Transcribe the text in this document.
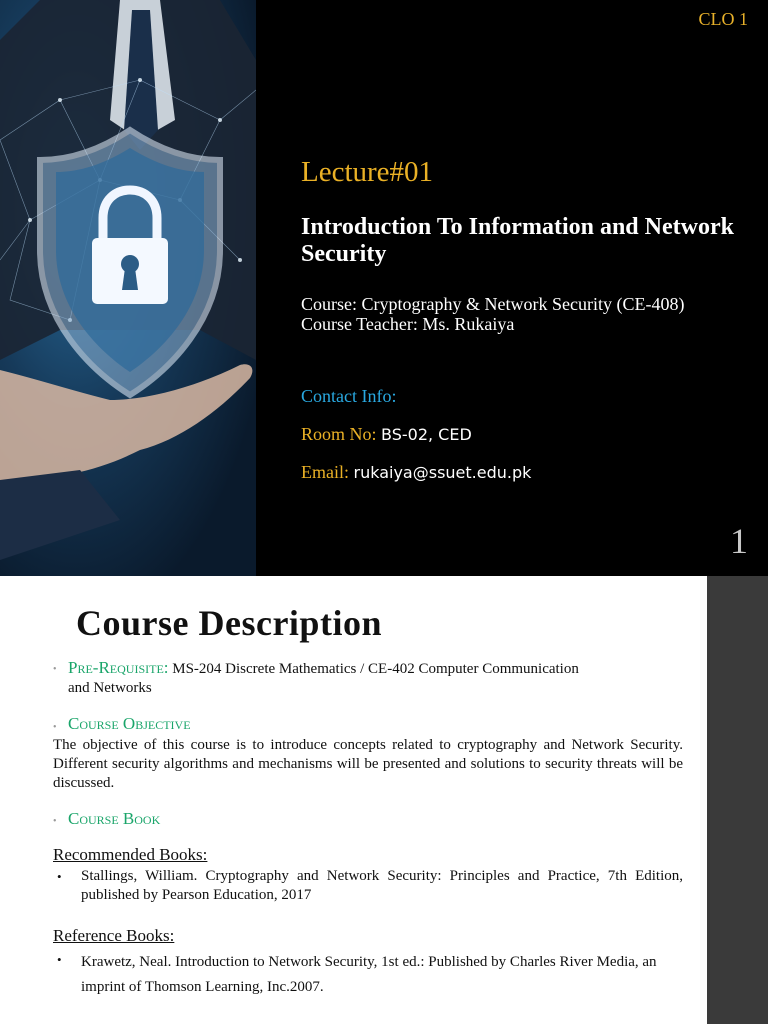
CLO 1
Lecture#01
Introduction To Information and Network Security
Course: Cryptography & Network Security (CE-408)
Course Teacher: Ms. Rukaiya
Contact Info:
Room No: BS-02, CED
Email: rukaiya@ssuet.edu.pk
1
Course Description
• Pre-Requisite: MS-204 Discrete Mathematics / CE-402 Computer Communication
and Networks
• Course Objective
The objective of this course is to introduce concepts related to cryptography and Network Security. Different security algorithms and mechanisms will be presented and solutions to security threats will be discussed.
• Course Book
Recommended Books:
• Stallings, William. Cryptography and Network Security: Principles and Practice, 7th Edition, published by Pearson Education, 2017
Reference Books:
• Krawetz, Neal. Introduction to Network Security, 1st ed.: Published by Charles River Media, an imprint of Thomson Learning, Inc.2007.
